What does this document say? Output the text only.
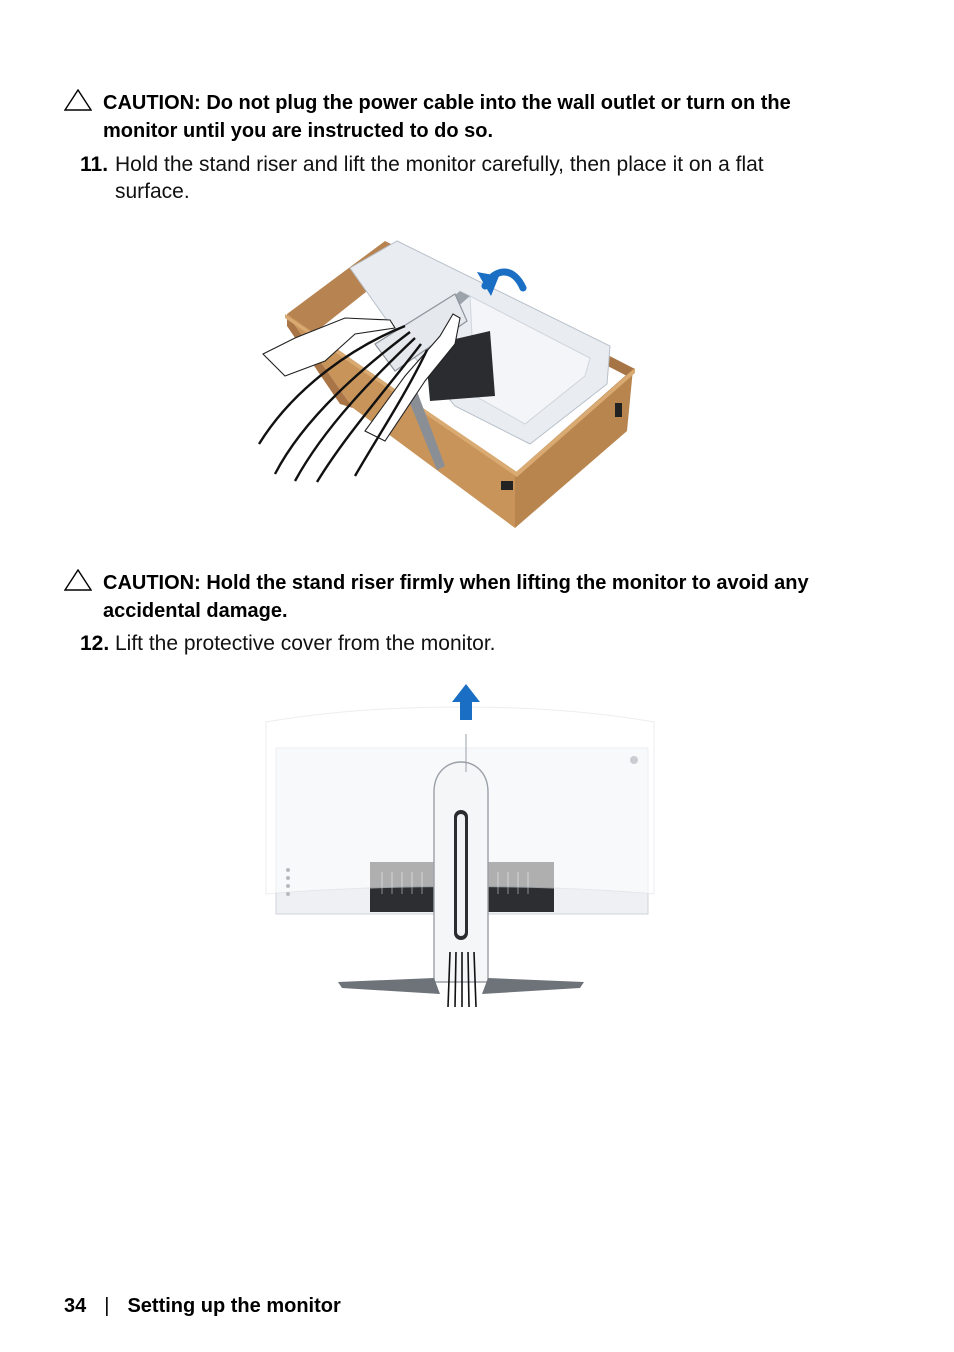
CAUTION: Do not plug the power cable into the wall outlet or turn on the monitor until you are instructed to do so.
11. Hold the stand riser and lift the monitor carefully, then place it on a flat surface.
CAUTION: Hold the stand riser firmly when lifting the monitor to avoid any accidental damage.
12. Lift the protective cover from the monitor.
34 | Setting up the monitor
